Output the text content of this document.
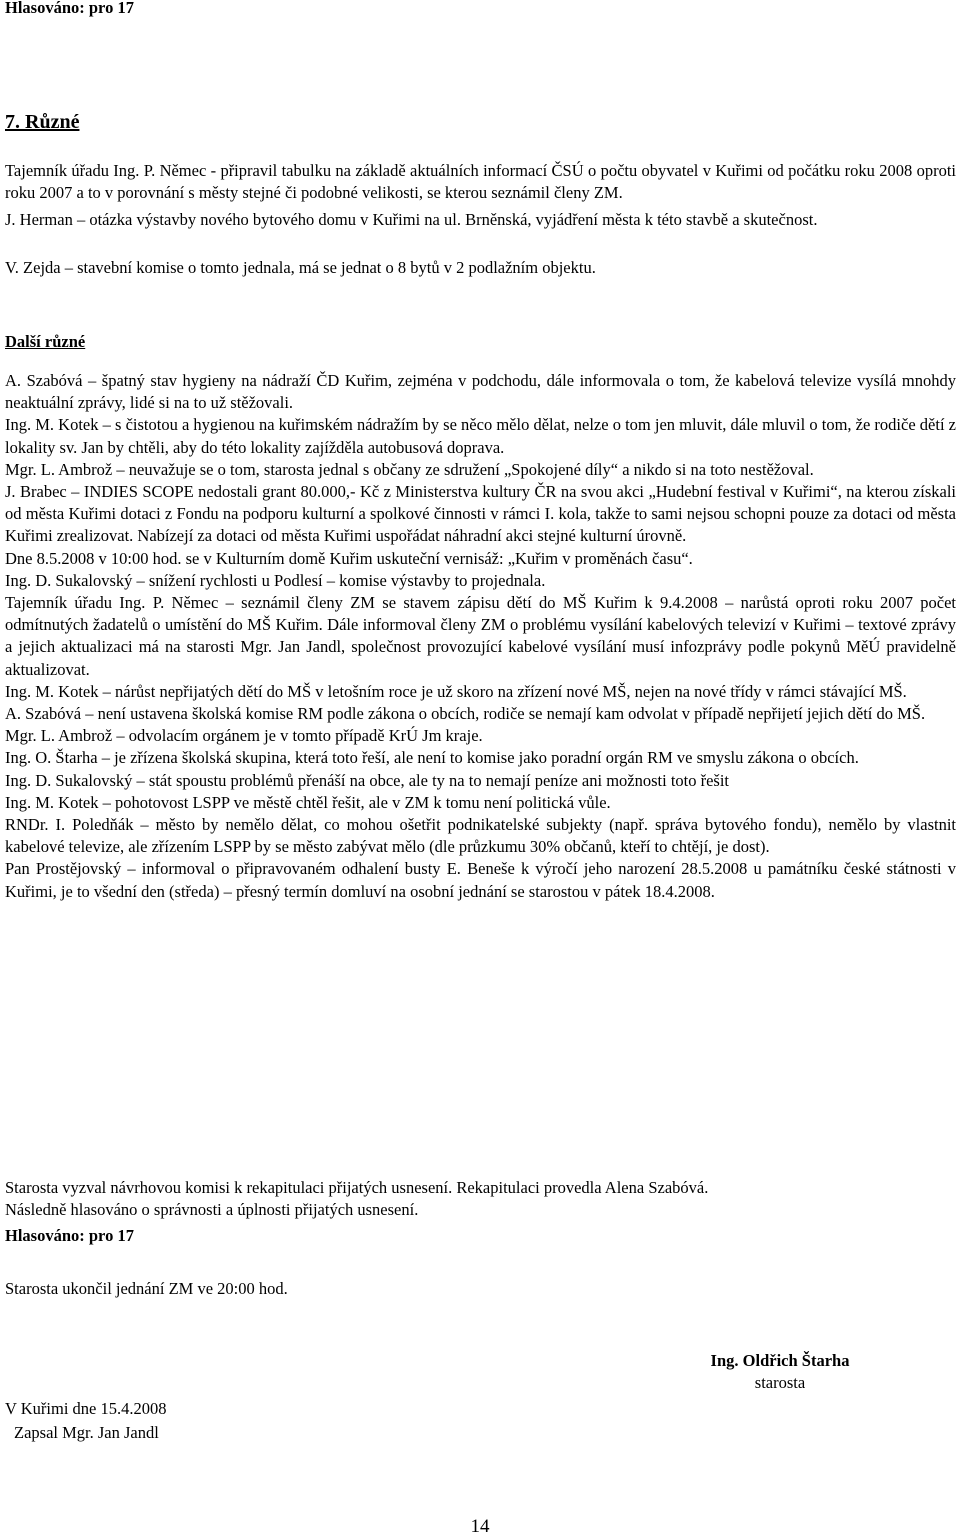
Hlasováno: pro 17

7. Různé

Tajemník úřadu Ing. P. Němec - připravil tabulku na základě aktuálních informací ČSÚ o počtu obyvatel v Kuřimi od počátku roku 2008 oproti roku 2007 a to v porovnání s městy stejné či podobné velikosti, se kterou seznámil členy ZM.

J. Herman – otázka výstavby nového bytového domu v Kuřimi na ul. Brněnská, vyjádření města k této stavbě a skutečnost.

V. Zejda – stavební komise o tomto jednala, má se jednat o 8 bytů v 2 podlažním objektu.

Další různé

A. Szabóvá – špatný stav hygieny na nádraží ČD Kuřim, zejména v podchodu, dále informovala o tom, že kabelová televize vysílá mnohdy neaktuální zprávy, lidé si na to už stěžovali.

Ing. M. Kotek – s čistotou a hygienou na kuřimském nádražím by se něco mělo dělat, nelze o tom jen mluvit, dále mluvil o tom, že rodiče dětí z lokality sv. Jan by chtěli, aby do této lokality zajížděla autobusová doprava.

Mgr. L. Ambrož – neuvažuje se o tom, starosta jednal s občany ze sdružení „Spokojené díly“ a nikdo si na toto nestěžoval.

J. Brabec – INDIES SCOPE nedostali grant 80.000,- Kč z Ministerstva kultury ČR na svou akci „Hudební festival v Kuřimi“, na kterou získali od města Kuřimi dotaci z Fondu na podporu kulturní a spolkové činnosti v rámci I. kola, takže to sami nejsou schopni pouze za dotaci od města Kuřimi zrealizovat. Nabízejí za dotaci od města Kuřimi uspořádat náhradní akci stejné kulturní úrovně.

Dne 8.5.2008 v 10:00 hod. se v Kulturním domě Kuřim uskuteční vernisáž: „Kuřim v proměnách času“.

Ing. D. Sukalovský – snížení rychlosti u Podlesí – komise výstavby to projednala.

Tajemník úřadu Ing. P. Němec – seznámil členy ZM se stavem zápisu dětí do MŠ Kuřim k 9.4.2008 – narůstá oproti roku 2007 počet odmítnutých žadatelů o umístění do MŠ Kuřim. Dále informoval členy ZM o problému vysílání kabelových televizí v Kuřimi – textové zprávy a jejich aktualizaci má na starosti Mgr. Jan Jandl, společnost provozující kabelové vysílání musí infozprávy podle pokynů MěÚ pravidelně aktualizovat.

Ing. M. Kotek – nárůst nepřijatých dětí do MŠ v letošním roce je už skoro na zřízení nové MŠ, nejen na nové třídy v rámci stávající MŠ.

A. Szabóvá – není ustavena školská komise RM podle zákona o obcích, rodiče se nemají kam odvolat v případě nepřijetí jejich dětí do MŠ.

Mgr. L. Ambrož – odvolacím orgánem je v tomto případě KrÚ Jm kraje.

Ing. O. Štarha – je zřízena školská skupina, která toto řeší, ale není to komise jako poradní orgán RM ve smyslu zákona o obcích.

Ing. D. Sukalovský – stát spoustu problémů přenáší na obce, ale ty na to nemají peníze ani možnosti toto řešit

Ing. M. Kotek – pohotovost LSPP ve městě chtěl řešit, ale v ZM k tomu není politická vůle.

RNDr. I. Poledňák – město by nemělo dělat, co mohou ošetřit podnikatelské subjekty (např. správa bytového fondu), nemělo by vlastnit kabelové televize, ale zřízením LSPP by se město zabývat mělo (dle průzkumu 30% občanů, kteří to chtějí, je dost).

Pan Prostějovský – informoval o připravovaném odhalení busty E. Beneše k výročí jeho narození 28.5.2008 u památníku české státnosti v Kuřimi, je to všední den (středa) – přesný termín domluví na osobní jednání se starostou v pátek 18.4.2008.

Starosta vyzval návrhovou komisi k rekapitulaci přijatých usnesení. Rekapitulaci provedla Alena Szabóvá.

Následně hlasováno o správnosti a úplnosti přijatých usnesení.

Hlasováno: pro 17

Starosta ukončil jednání ZM ve 20:00 hod.

Ing. Oldřich Štarha

starosta

V Kuřimi dne 15.4.2008

Zapsal Mgr. Jan Jandl

14
